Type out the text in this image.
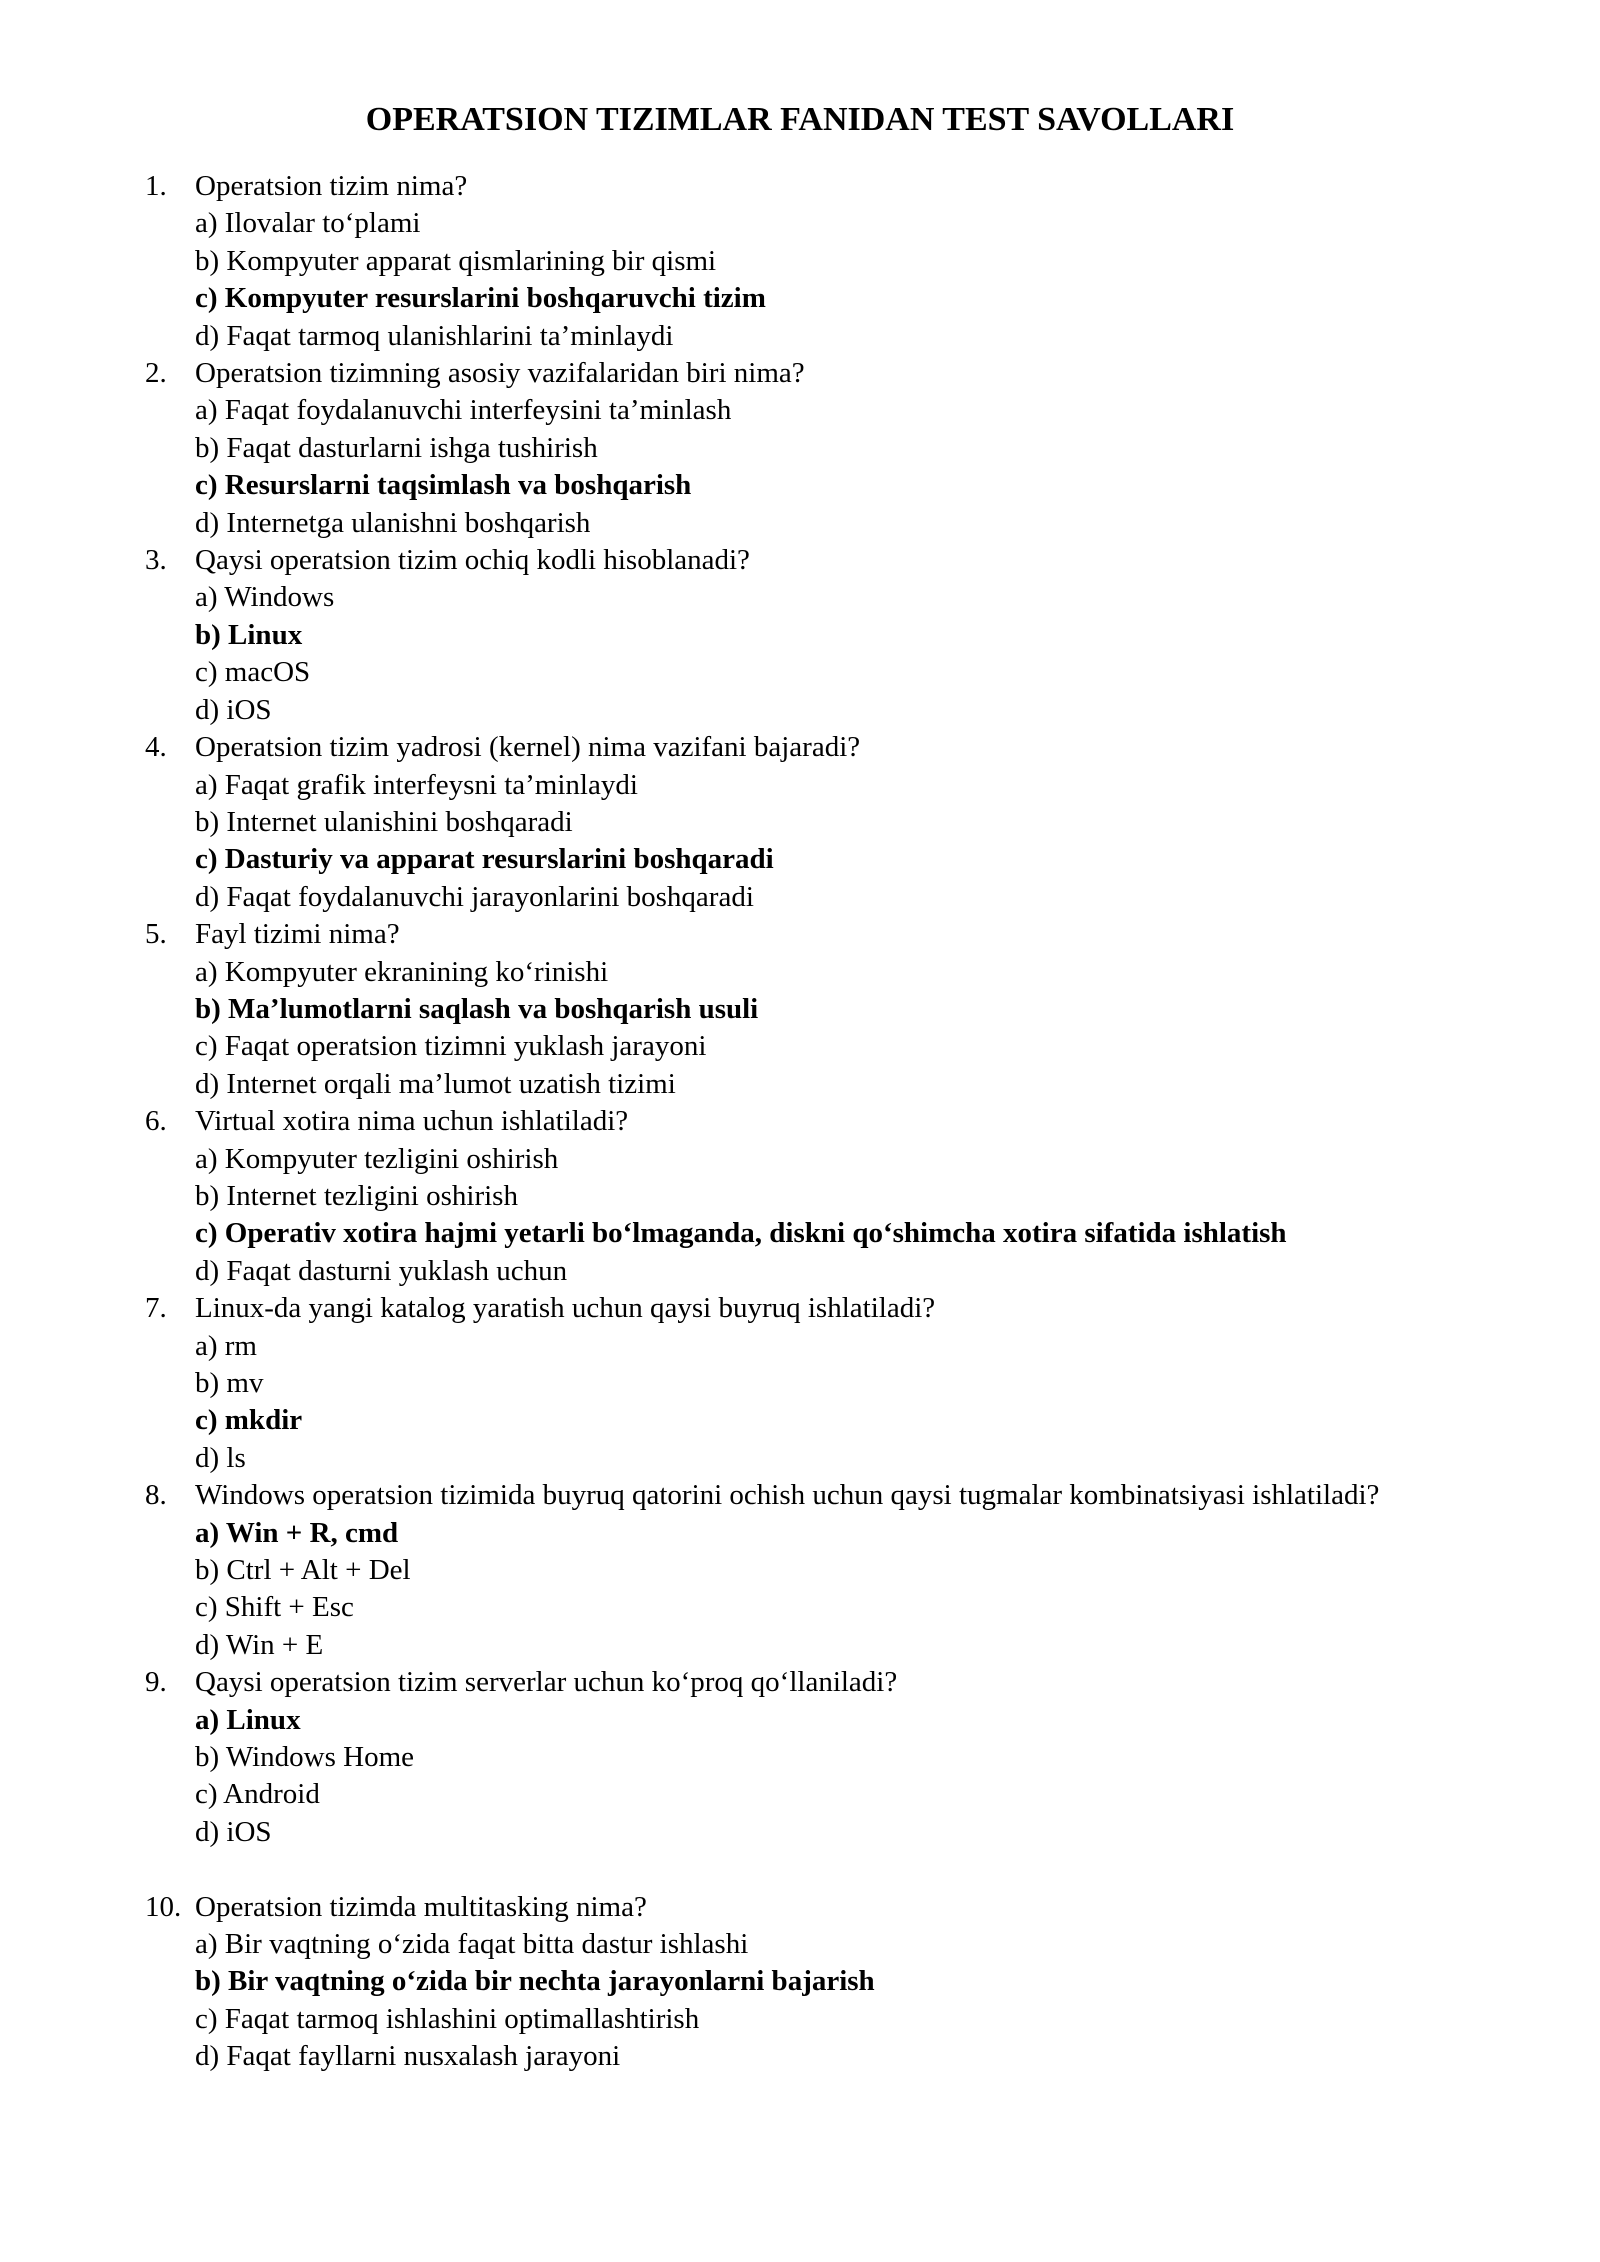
OPERATSION TIZIMLAR FANIDAN TEST SAVOLLARI
1. Operatsion tizim nima?
a) Ilovalar to‘plami
b) Kompyuter apparat qismlarining bir qismi
c) Kompyuter resurslarini boshqaruvchi tizim
d) Faqat tarmoq ulanishlarini ta’minlaydi
2. Operatsion tizimning asosiy vazifalaridan biri nima?
a) Faqat foydalanuvchi interfeysini ta’minlash
b) Faqat dasturlarni ishga tushirish
c) Resurslarni taqsimlash va boshqarish
d) Internetga ulanishni boshqarish
3. Qaysi operatsion tizim ochiq kodli hisoblanadi?
a) Windows
b) Linux
c) macOS
d) iOS
4. Operatsion tizim yadrosi (kernel) nima vazifani bajaradi?
a) Faqat grafik interfeysni ta’minlaydi
b) Internet ulanishini boshqaradi
c) Dasturiy va apparat resurslarini boshqaradi
d) Faqat foydalanuvchi jarayonlarini boshqaradi
5. Fayl tizimi nima?
a) Kompyuter ekranining ko‘rinishi
b) Ma’lumotlarni saqlash va boshqarish usuli
c) Faqat operatsion tizimni yuklash jarayoni
d) Internet orqali ma’lumot uzatish tizimi
6. Virtual xotira nima uchun ishlatiladi?
a) Kompyuter tezligini oshirish
b) Internet tezligini oshirish
c) Operativ xotira hajmi yetarli bo‘lmaganda, diskni qo‘shimcha xotira sifatida ishlatish
d) Faqat dasturni yuklash uchun
7. Linux-da yangi katalog yaratish uchun qaysi buyruq ishlatiladi?
a) rm
b) mv
c) mkdir
d) ls
8. Windows operatsion tizimida buyruq qatorini ochish uchun qaysi tugmalar kombinatsiyasi ishlatiladi?
a) Win + R, cmd
b) Ctrl + Alt + Del
c) Shift + Esc
d) Win + E
9. Qaysi operatsion tizim serverlar uchun ko‘proq qo‘llaniladi?
a) Linux
b) Windows Home
c) Android
d) iOS
10. Operatsion tizimda multitasking nima?
a) Bir vaqtning o‘zida faqat bitta dastur ishlashi
b) Bir vaqtning o‘zida bir nechta jarayonlarni bajarish
c) Faqat tarmoq ishlashini optimallashtirish
d) Faqat fayllarni nusxalash jarayoni
